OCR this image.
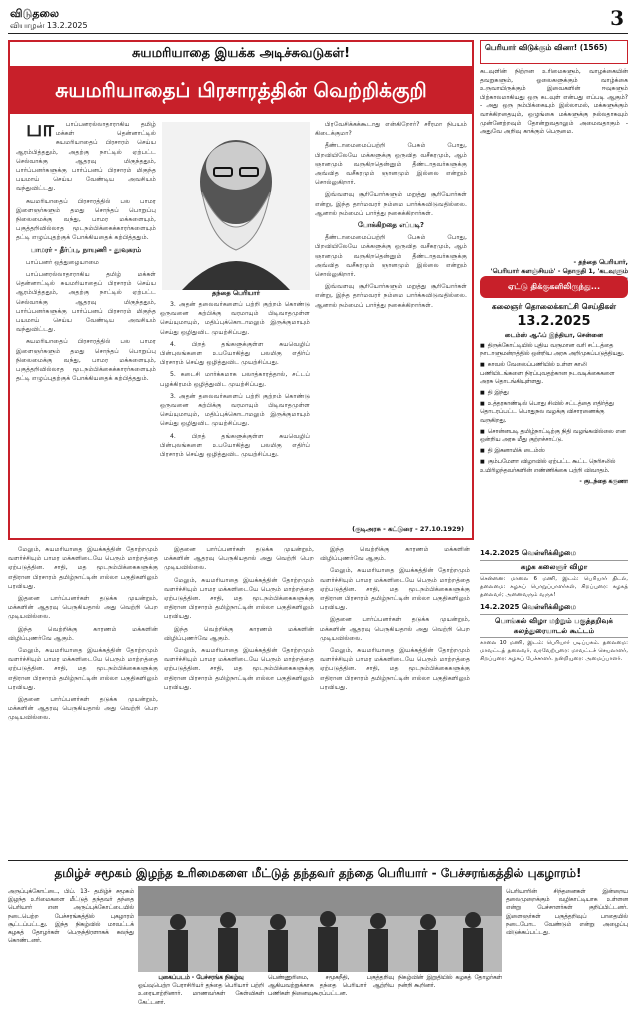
விடுதலை
வியாழன் 13.2.2025	3
சுயமரியாதை இயக்க அடிச்சுவடுகள்!
சுயமரியாதைப் பிரசாரத்தின் வெற்றிக்குறி

பா பாப்பனரல்லாதாராகிய தமிழ் மக்கள் தென்னாட்டில் சுயமரியாதைப் பிரசாரம் செய்ய ஆரம்பித்ததும், அதற்கு நாட்டில் ஏற்பட்ட செல்வாக்கு ஆதரவு மிகுந்ததும், பார்ப்பனர்களுக்கு பார்ப்பனப் பிரசாரம் மிகுந்த பயமாய் செய்ய வேண்டிய அவசியம் வந்துவிட்டது.

சுயமரியாதைப் பிரசாரத்தில் பல பாமர இளைஞர்களும் தமது சொந்தப் பொறுப்பு நிலைமைக்கு வந்து, பாமர மக்களையும், பகுத்தறிவில்லாத மூடநம்பிக்கைக்காரர்களையும் தட்டி எழுப்புதற்குக் போக்கியதைக் கற்பித்ததும்.

பாமரர் - தீர்ப்பு, நாயுணி - தூவுகரம்

பாப்பனர் ஒத்துழையாமை

பாப்பனரல்லாதாராகிய தமிழ் மக்கள் தென்னாட்டில் சுயமரியாதைப் பிரசாரம் செய்ய ஆரம்பித்ததும், அதற்கு நாட்டில் ஏற்பட்ட செல்வாக்கு ஆதரவு மிகுந்ததும், பார்ப்பனர்களுக்கு பார்ப்பனப் பிரசாரம் மிகுந்த பயமாய் செய்ய வேண்டிய அவசியம் வந்துவிட்டது.

சுயமரியாதைப் பிரசாரத்தில் பல பாமர இளைஞர்களும் தமது சொந்தப் பொறுப்பு நிலைமைக்கு வந்து, பாமர மக்களையும், பகுத்தறிவில்லாத மூடநம்பிக்கைக்காரர்களையும் தட்டி எழுப்புதற்குக் போக்கியதைக் கற்பித்ததும்.

தந்தை பெரியார்

3. அதன் தலைவர்களைப் பற்றி குற்றம் கொண்டு ஒருவனை கற்பிக்கு வரமாயும் பிடிவாதமுள்ள செய்யுமாயும், மதிப்புக்கொடாமலும் இருக்குமாயும் செய்து ஒழிதுவிட முயற்சிப்பது.

4. பிறத் தங்களுக்குள்ள சுயவெழிப் பின்புலங்களை உபயோகித்து பலமிகு எதிர்ப் பிரசாரம் செய்து ஒழித்துவிட முயற்சிப்பது.

5. கடைசி மார்க்கமாக பலாத்காரத்தால், சட்டப் பழக்கிரமம் ஒழித்துவிட முயற்சிப்பது.

3. அதன் தலைவர்களைப் பற்றி குற்றம் கொண்டு ஒருவனை கற்பிக்கு வரமாயும் பிடிவாதமுள்ள செய்யுமாயும், மதிப்புக்கொடாமலும் இருக்குமாயும் செய்து ஒழிதுவிட முயற்சிப்பது.

4. பிறத் தங்களுக்குள்ள சுயவெழிப் பின்புலங்களை உபயோகித்து பலமிகு எதிர்ப் பிரசாரம் செய்து ஒழித்துவிட முயற்சிப்பது.

பிரவேசிக்கக்கூடாது என்கிறோர்? சரீரமா நிபயம் கிடைக்குமா?

தீண்டாமைமைப்பற்றி பேசும் போது, பிறவியிலேயே மக்களுக்கு ஒருவித வசீகரமும், ஆம் ஞானமும் வருகிறதென்னும் தீண்டாதவர்களுக்கு அவ்வித வசீகரமும் ஞானமும் இல்லை என்றும் சொல்லுகிறார்.

இவ்வளவு சூரியோர்களும் மறுத்து சூரியோர்கள் என்று, இந்த தார்மவரர் நம்மை பார்க்கவிடுவதில்லை. ஆனால் நம்மைப் பார்த்து நகைக்கிறார்கள்.

போக்கிறதை எப்படி?

தீண்டாமைமைப்பற்றி பேசும் போது, பிறவியிலேயே மக்களுக்கு ஒருவித வசீகரமும், ஆம் ஞானமும் வருகிறதென்னும் தீண்டாதவர்களுக்கு அவ்வித வசீகரமும் ஞானமும் இல்லை என்றும் சொல்லுகிறார்.

இவ்வளவு சூரியோர்களும் மறுத்து சூரியோர்கள் என்று, இந்த தார்மவரர் நம்மை பார்க்கவிடுவதில்லை. ஆனால் நம்மைப் பார்த்து நகைக்கிறார்கள்.

(குடிஅரசு - கட்டுரை - 27.10.1929)
பெரியார் விடுக்கும் வினா! (1565)
கடவுளின் நிற்றன உரிமைகளும், வாழக்கையின் தவறுகளும், ஓலைகளுக்கும் வாழ்க்கை உருவாயிருக்கும் இவைகளின் ஈவுகளும் பிற்காலமாகியது ஒரு கடவுள் என்பது எப்படி ஆகும்? - அது ஒரு நம்பிக்கையும் இல்லாமல், மக்களுக்கும் வாக்கிறதையும், ஒழுங்கை மக்களுக்கு நல்லதாகவும் முன்னேற்றவும் தோன்றுவதாலும் அமைவதாகும் - அதுவே அறிவு காக்கும் பெருமை.
- தந்தை பெரியார்,
'பெரியார் களஞ்சியம்' - தொகுதி 1, 'கடவுளும்
ஏட்டு திக்குகளிலிருந்து...
கலைஞர் தொலைக்காட்சி செய்திகள்
13.2.2025
டைம்ஸ் ஆஃப் இந்தியா, சென்னை
■ திருக்கோட்டியில் புதிய வருமான வரி சட்டத்தை நாடாளுமன்றத்தில் ஒன்றிய அரசு அறிமுகப்படுத்தியது.
■ காவல் வேலைப்பணியில் உள்ள காலி பணியிடங்களை நிரப்புவதற்கான நடவடிக்கைகளை அரசு தொடங்கியுள்ளது.
■ தி இந்து
■ உத்தரகாண்டில் பொது சிவில் சட்டத்தை எதிர்த்து தொடரப்பட்ட பொதுநல வழக்கு விசாரணைக்கு வருகிறது.
■ சொன்னபடி தமிழ்நாட்டிற்கு நிதி வழங்கவில்லை என ஒன்றிய அரசு மீது குற்றச்சாட்டு.
■ தி இகனாமிக் டைம்ஸ்
■ கும்பமேளா விழாவில் ஏற்பட்ட கூட்ட நெரிசலில் உயிரிழந்தவர்களின் எண்ணிக்கை பற்றி விவாதம்.
- குடந்தை கருணா

மேலும், சுயமரியாதை இயக்கத்தின் தோற்றமும் வளர்ச்சியும் பாமர மக்களிடையே பெரும் மாற்றத்தை ஏற்படுத்தின. சாதி, மத மூடநம்பிக்கைகளுக்கு எதிரான பிரசாரம் தமிழ்நாட்டின் எல்லா பகுதிகளிலும் பரவியது.

இதனை பார்ப்பனர்கள் தடுக்க முயன்றும், மக்களின் ஆதரவு பெருகியதால் அது வெற்றி பெற முடியவில்லை.

இந்த வெற்றிக்கு காரணம் மக்களின் விழிப்புணர்வே ஆகும்.

மேலும், சுயமரியாதை இயக்கத்தின் தோற்றமும் வளர்ச்சியும் பாமர மக்களிடையே பெரும் மாற்றத்தை ஏற்படுத்தின. சாதி, மத மூடநம்பிக்கைகளுக்கு எதிரான பிரசாரம் தமிழ்நாட்டின் எல்லா பகுதிகளிலும் பரவியது.

இதனை பார்ப்பனர்கள் தடுக்க முயன்றும், மக்களின் ஆதரவு பெருகியதால் அது வெற்றி பெற முடியவில்லை.

இதனை பார்ப்பனர்கள் தடுக்க முயன்றும், மக்களின் ஆதரவு பெருகியதால் அது வெற்றி பெற முடியவில்லை.

மேலும், சுயமரியாதை இயக்கத்தின் தோற்றமும் வளர்ச்சியும் பாமர மக்களிடையே பெரும் மாற்றத்தை ஏற்படுத்தின. சாதி, மத மூடநம்பிக்கைகளுக்கு எதிரான பிரசாரம் தமிழ்நாட்டின் எல்லா பகுதிகளிலும் பரவியது.

இந்த வெற்றிக்கு காரணம் மக்களின் விழிப்புணர்வே ஆகும்.

மேலும், சுயமரியாதை இயக்கத்தின் தோற்றமும் வளர்ச்சியும் பாமர மக்களிடையே பெரும் மாற்றத்தை ஏற்படுத்தின. சாதி, மத மூடநம்பிக்கைகளுக்கு எதிரான பிரசாரம் தமிழ்நாட்டின் எல்லா பகுதிகளிலும் பரவியது.

இந்த வெற்றிக்கு காரணம் மக்களின் விழிப்புணர்வே ஆகும்.

மேலும், சுயமரியாதை இயக்கத்தின் தோற்றமும் வளர்ச்சியும் பாமர மக்களிடையே பெரும் மாற்றத்தை ஏற்படுத்தின. சாதி, மத மூடநம்பிக்கைகளுக்கு எதிரான பிரசாரம் தமிழ்நாட்டின் எல்லா பகுதிகளிலும் பரவியது.

இதனை பார்ப்பனர்கள் தடுக்க முயன்றும், மக்களின் ஆதரவு பெருகியதால் அது வெற்றி பெற முடியவில்லை.

மேலும், சுயமரியாதை இயக்கத்தின் தோற்றமும் வளர்ச்சியும் பாமர மக்களிடையே பெரும் மாற்றத்தை ஏற்படுத்தின. சாதி, மத மூடநம்பிக்கைகளுக்கு எதிரான பிரசாரம் தமிழ்நாட்டின் எல்லா பகுதிகளிலும் பரவியது.

14.2.2025 வெள்ளிக்கிழமை
கழக கலைஞர் விழா
சென்னை: மாலை 6 மணி, இடம்: பெரியார் திடல், தலைமை: கழகப் பொறுப்பாளர்கள், சிறப்புரை: கழகத் தலைவர்; அனைவரும் வருக!
14.2.2025 வெள்ளிக்கிழமை
பொங்கல் விழா மற்றும் பகுத்தறிவுக் கலந்துரையாடல் கூட்டம்
காலை 10 மணி, இடம்: பெரியார் படிப்பகம். தலைமை: மாவட்டத் தலைவர், வரவேற்புரை: மாவட்டச் செயலாளர், சிறப்புரை: கழகப் பேச்சாளர். நன்றியுரை: அமைப்பாளர்.
தமிழ்ச் சமூகம் இழந்த உரிமைகளை மீட்டுத் தந்தவர் தந்தை பெரியார் - பேச்சரங்கத்தில் புகழாரம்!
அருப்புக்கோட்டை, பிப். 13- தமிழ்ச் சமூகம் இழந்த உரிமைகளை மீட்டுத் தந்தவர் தந்தை பெரியார் என அருப்புக்கோட்டையில் நடைபெற்ற பேச்சரங்கத்தில் புகழாரம் சூட்டப்பட்டது. இந்த நிகழ்வில் மாவட்டக் கழகத் தோழர்கள் பெருந்திரளாகக் கலந்து கொண்டனர்.
புகைப்படம் - பேச்சரங்க நிகழ்வு
ஓய்வுபெற்ற பேராசிரியர் தந்தை பெரியார் பற்றி உரையாற்றினார். மாணவர்கள் கேள்விகள் கேட்டனர்.
பெண்ணுரிமை, சமூகநீதி, பகுத்தறிவு ஆகியவற்றுக்காக தந்தை பெரியார் ஆற்றிய பணிகள் நினைவுகூரப்பட்டன.
நிகழ்வின் இறுதியில் கழகத் தோழர்கள் நன்றி கூறினர்.
பெரியாரின் சிந்தனைகள் இன்றைய தலைமுறைக்கும் வழிகாட்டியாக உள்ளன என்று பேச்சாளர்கள் குறிப்பிட்டனர். இளைஞர்கள் பகுத்தறிவுப் பாதையில் நடைபோட வேண்டும் என்று அழைப்பு விடுக்கப்பட்டது.
